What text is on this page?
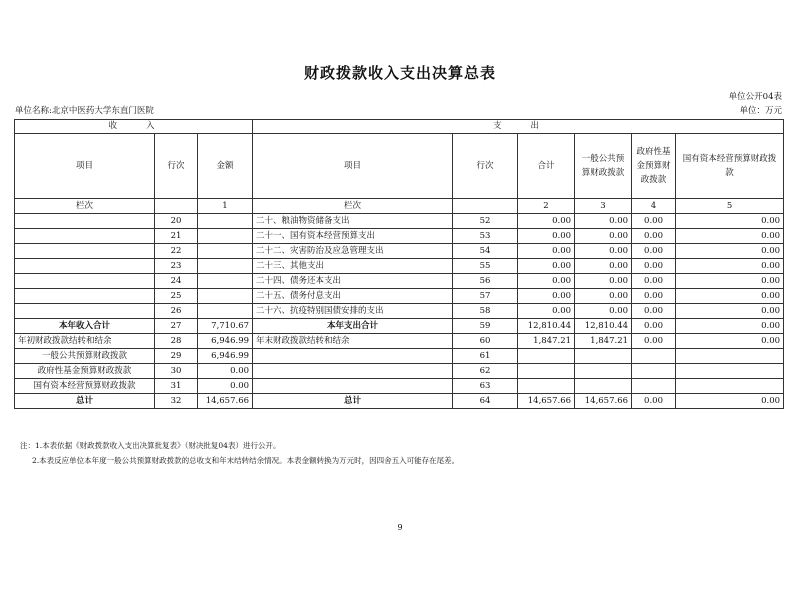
财政拨款收入支出决算总表
单位公开04表
单位名称:北京中医药大学东直门医院	单位：万元
收　　入			支　　出					
项目	行次	金额	项目	行次	合计	一般公共预算财政拨款	政府性基金预算财政拨款	国有资本经营预算财政拨款
栏次		1	栏次		2	3	4	5
	20		二十、粮油物资储备支出	52	0.00	0.00	0.00	0.00
	21		二十一、国有资本经营预算支出	53	0.00	0.00	0.00	0.00
	22		二十二、灾害防治及应急管理支出	54	0.00	0.00	0.00	0.00
	23		二十三、其他支出	55	0.00	0.00	0.00	0.00
	24		二十四、债务还本支出	56	0.00	0.00	0.00	0.00
	25		二十五、债务付息支出	57	0.00	0.00	0.00	0.00
	26		二十六、抗疫特别国债安排的支出	58	0.00	0.00	0.00	0.00
本年收入合计	27	7,710.67	本年支出合计	59	12,810.44	12,810.44	0.00	0.00
年初财政拨款结转和结余	28	6,946.99	年末财政拨款结转和结余	60	1,847.21	1,847.21	0.00	0.00
一般公共预算财政拨款	29	6,946.99		61				
政府性基金预算财政拨款	30	0.00		62				
国有资本经营预算财政拨款	31	0.00		63				
总计	32	14,657.66	总计	64	14,657.66	14,657.66	0.00	0.00
注：1.本表依据《财政拨款收入支出决算批复表》（财决批复04表）进行公开。
2.本表反应单位本年度一般公共预算财政拨款的总收支和年末结转结余情况。本表金额转换为万元时，因四舍五入可能存在尾差。
9
